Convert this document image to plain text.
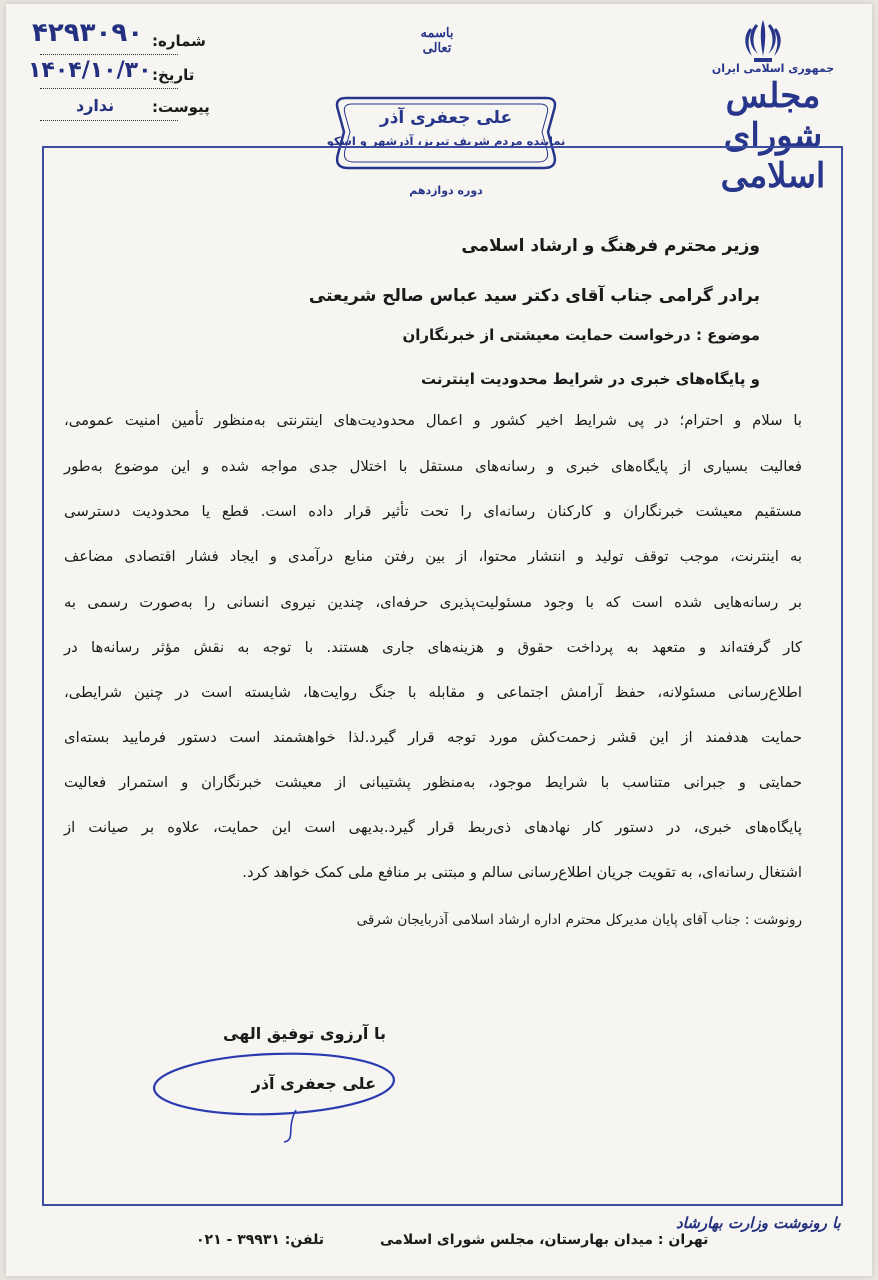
جمهوری اسلامی ایران
مجلس شورای اسلامی
باسمه تعالی
شماره:
۴۲۹۳۰۹۰
تاریخ:
۱۴۰۴/۱۰/۳۰
پیوست:
ندارد
علی جعفری آذر
نماینده مردم شریف تبریز، آذرشهر و اسکو
دوره دوازدهم
وزیر محترم فرهنگ و ارشاد اسلامی
برادر گرامی جناب آقای دکتر سید عباس صالح شریعتی
موضوع : درخواست حمایت معیشتی از خبرنگاران
و پایگاه‌های خبری در شرایط محدودیت اینترنت
با سلام و احترام؛ در پی شرایط اخیر کشور و اعمال محدودیت‌های اینترنتی به‌منظور تأمین امنیت عمومی،
فعالیت بسیاری از پایگاه‌های خبری و رسانه‌های مستقل با اختلال جدی مواجه شده و این موضوع به‌طور
مستقیم معیشت خبرنگاران و کارکنان رسانه‌ای را تحت تأثیر قرار داده است. قطع یا محدودیت دسترسی
به اینترنت، موجب توقف تولید و انتشار محتوا، از بین رفتن منابع درآمدی و ایجاد فشار اقتصادی مضاعف
بر رسانه‌هایی شده است که با وجود مسئولیت‌پذیری حرفه‌ای، چندین نیروی انسانی را به‌صورت رسمی به
کار گرفته‌اند و متعهد به پرداخت حقوق و هزینه‌های جاری هستند. با توجه به نقش مؤثر رسانه‌ها در
اطلاع‌رسانی مسئولانه، حفظ آرامش اجتماعی و مقابله با جنگ روایت‌ها، شایسته است در چنین شرایطی،
حمایت هدفمند از این قشر زحمت‌کش مورد توجه قرار گیرد.لذا خواهشمند است دستور فرمایید بسته‌ای
حمایتی و جبرانی متناسب با شرایط موجود، به‌منظور پشتیبانی از معیشت خبرنگاران و استمرار فعالیت
پایگاه‌های خبری، در دستور کار نهادهای ذی‌ربط قرار گیرد.بدیهی است این حمایت، علاوه بر صیانت از
اشتغال رسانه‌ای، به تقویت جریان اطلاع‌رسانی سالم و مبتنی بر منافع ملی کمک خواهد کرد.
رونوشت : جناب آقای پایان مدیرکل محترم اداره ارشاد اسلامی آذربایجان شرقی
با آرزوی توفیق الهی
علی جعفری آذر
با رونوشت وزارت بهارشاد
تهران : میدان بهارستان، مجلس شورای اسلامی
تلفن: ۳۹۹۳۱ - ۰۲۱
